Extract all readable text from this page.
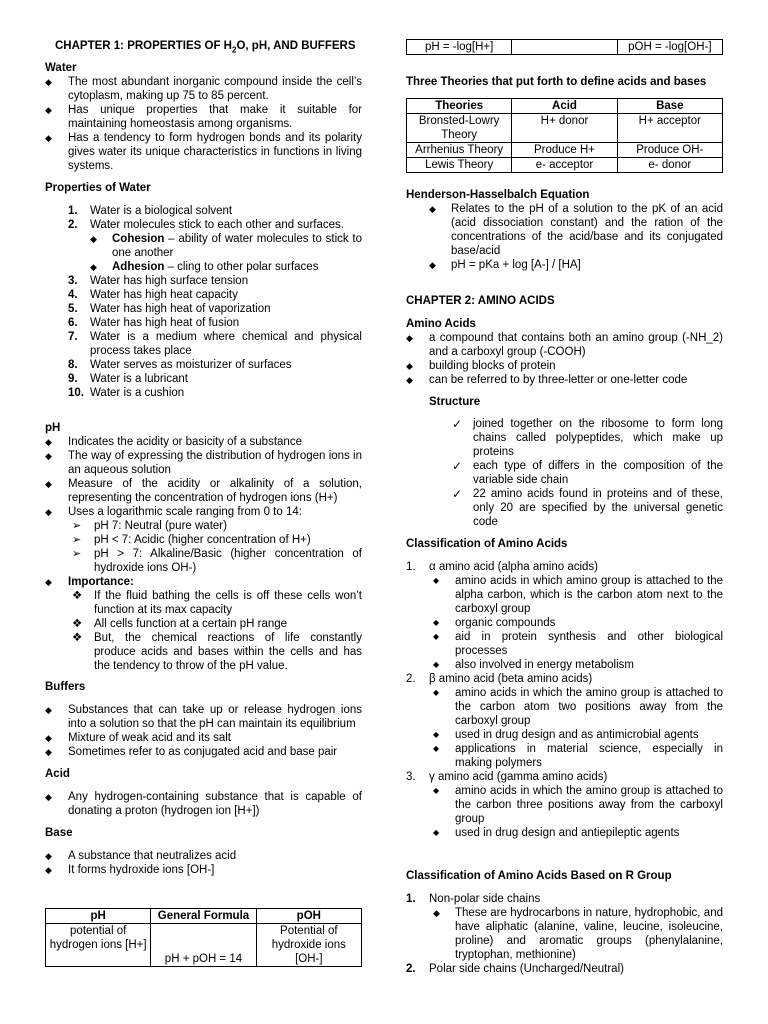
CHAPTER 1: PROPERTIES OF $H_2O$, pH, AND BUFFERS
Water
◆ The most abundant inorganic compound inside the cell’s cytoplasm, making up 75 to 85 percent.

◆ Has unique properties that make it suitable for maintaining homeostasis among organisms.

◆ Has a tendency to form hydrogen bonds and its polarity gives water its unique characteristics in functions in living systems.

Properties of Water
1. Water is a biological solvent
2. Water molecules stick to each other and surfaces.
◆ Cohesion – ability of water molecules to stick to one another

◆ Adhesion – cling to other polar surfaces

3. Water has high surface tension
4. Water has high heat capacity
5. Water has high heat of vaporization
6. Water has high heat of fusion
7. Water is a medium where chemical and physical process takes place

8. Water serves as moisturizer of surfaces
9. Water is a lubricant
10. Water is a cushion
pH
◆ Indicates the acidity or basicity of a substance

◆ The way of expressing the distribution of hydrogen ions in an aqueous solution

◆ Measure of the acidity or alkalinity of a solution, representing the concentration of hydrogen ions (H+)

◆ Uses a logarithmic scale ranging from 0 to 14:

➢ pH 7: Neutral (pure water)

➢ pH < 7: Acidic (higher concentration of H+)

➢ pH > 7: Alkaline/Basic (higher concentration of hydroxide ions OH-)

◆ Importance:

❖ If the fluid bathing the cells is off these cells won’t function at its max capacity

❖ All cells function at a certain pH range

❖ But, the chemical reactions of life constantly produce acids and bases within the cells and has the tendency to throw of the pH value.

Buffers
◆ Substances that can take up or release hydrogen ions into a solution so that the pH can maintain its equilibrium

◆ Mixture of weak acid and its salt

◆ Sometimes refer to as conjugated acid and base pair

Acid
◆ Any hydrogen-containing substance that is capable of donating a proton (hydrogen ion [H+])

Base
◆ A substance that neutralizes acid

◆ It forms hydroxide ions [OH-]

pH	General Formula	pOH
potential of hydrogen ions [H+]	pH + pOH = 14	Potential of hydroxide ions [OH-]
pH = -log[H+]		pOH = -log[OH-]
Three Theories that put forth to define acids and bases
Theories	Acid	Base
Bronsted-Lowry Theory	H+ donor	H+ acceptor
Arrhenius Theory	Produce H+	Produce OH-
Lewis Theory	e- acceptor	e- donor
Henderson-Hasselbalch Equation
◆ Relates to the pH of a solution to the pK of an acid (acid dissociation constant) and the ration of the concentrations of the acid/base and its conjugated base/acid

◆ pH = pKa + log [A-] / [HA]

CHAPTER 2: AMINO ACIDS
Amino Acids
◆ a compound that contains both an amino group (-NH_2) and a carboxyl group (-COOH)

◆ building blocks of protein

◆ can be referred to by three-letter or one-letter code

Structure
✓ joined together on the ribosome to form long chains called polypeptides, which make up proteins

✓ each type of differs in the composition of the variable side chain

✓ 22 amino acids found in proteins and of these, only 20 are specified by the universal genetic code

Classification of Amino Acids
1. α amino acid (alpha amino acids)
◆ amino acids in which amino group is attached to the alpha carbon, which is the carbon atom next to the carboxyl group

◆ organic compounds

◆ aid in protein synthesis and other biological processes

◆ also involved in energy metabolism

2. β amino acid (beta amino acids)
◆ amino acids in which the amino group is attached to the carbon atom two positions away from the carboxyl group

◆ used in drug design and as antimicrobial agents

◆ applications in material science, especially in making polymers

3. γ amino acid (gamma amino acids)
◆ amino acids in which the amino group is attached to the carbon three positions away from the carboxyl group

◆ used in drug design and antiepileptic agents

Classification of Amino Acids Based on R Group
1. Non-polar side chains
◆ These are hydrocarbons in nature, hydrophobic, and have aliphatic (alanine, valine, leucine, isoleucine, proline) and aromatic groups (phenylalanine, tryptophan, methionine)

2. Polar side chains (Uncharged/Neutral)
